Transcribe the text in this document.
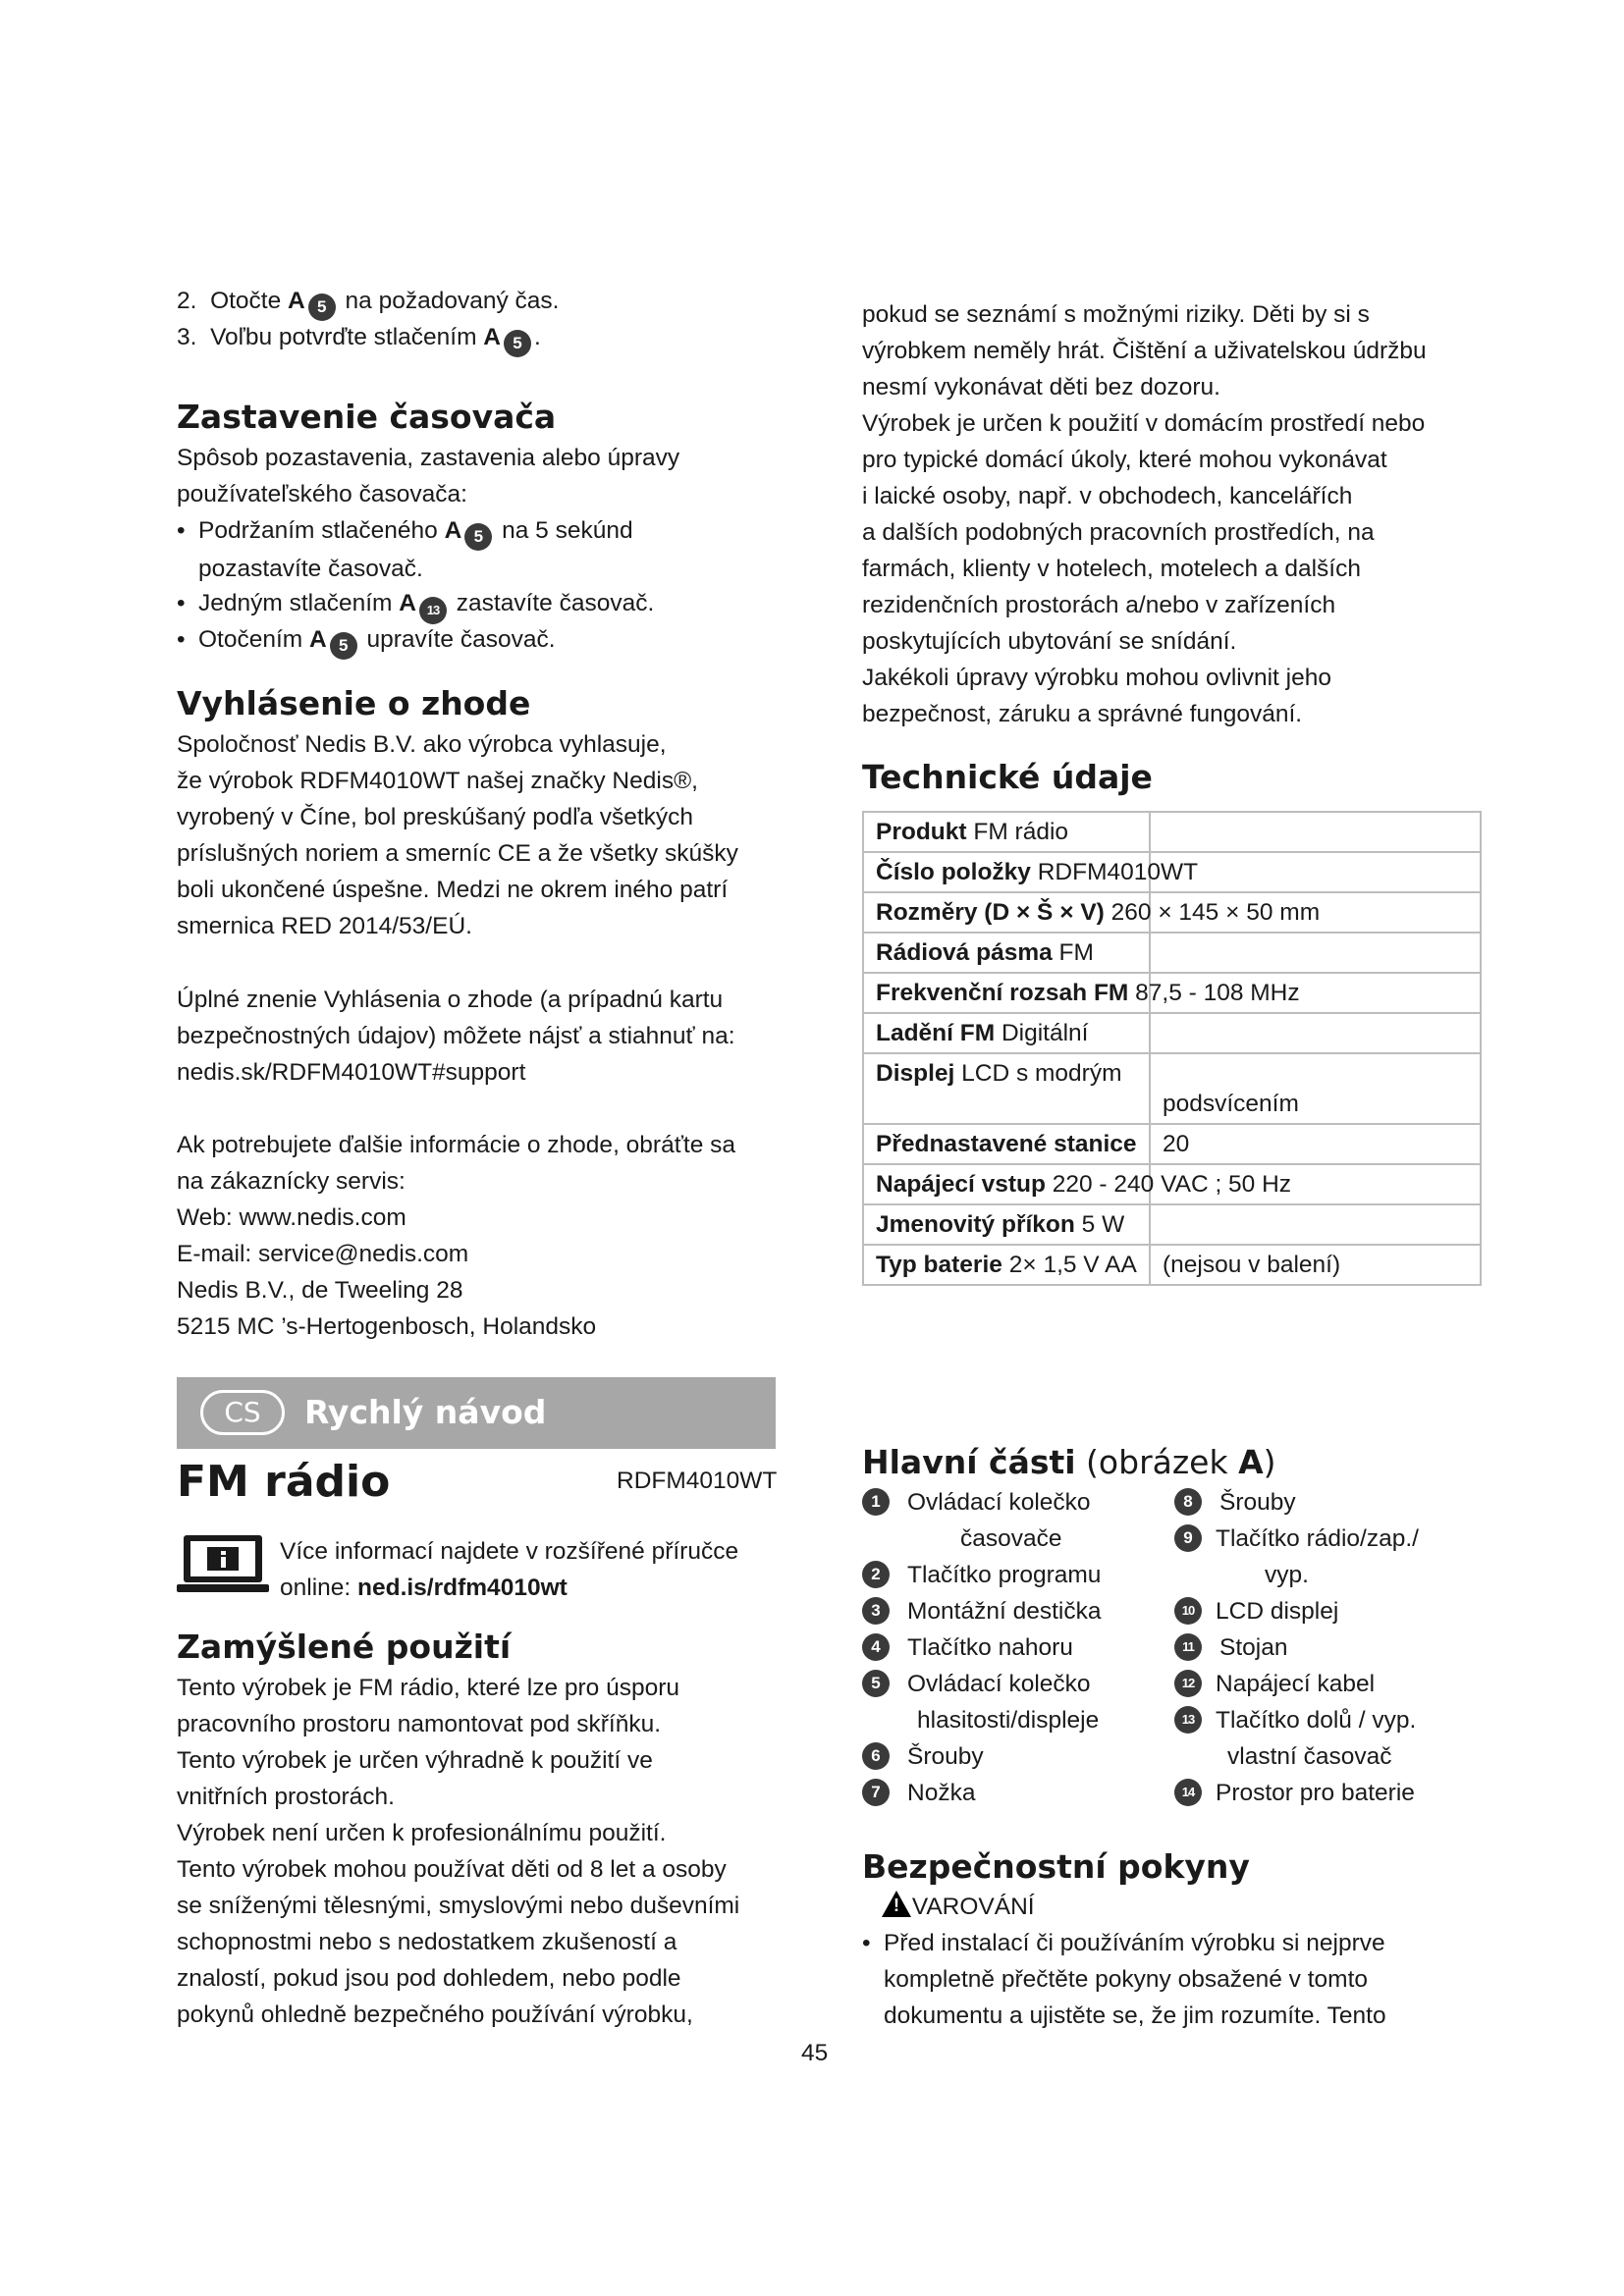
2. Otočte A 5 na požadovaný čas.

3. Voľbu potvrďte stlačením A 5 .

Zastavenie časovača

Spôsob pozastavenia, zastavenia alebo úpravy

používateľského časovača:

• Podržaním stlačeného A 5 na 5 sekúnd

pozastavíte časovač.

• Jedným stlačením A 13 zastavíte časovač.

• Otočením A 5 upravíte časovač.

Vyhlásenie o zhode

Spoločnosť Nedis B.V. ako výrobca vyhlasuje,

že výrobok RDFM4010WT našej značky Nedis®,

vyrobený v Číne, bol preskúšaný podľa všetkých

príslušných noriem a smerníc CE a že všetky skúšky

boli ukončené úspešne. Medzi ne okrem iného patrí

smernica RED 2014/53/EÚ.

Úplné znenie Vyhlásenia o zhode (a prípadnú kartu

bezpečnostných údajov) môžete nájsť a stiahnuť na:

nedis.sk/RDFM4010WT#support

Ak potrebujete ďalšie informácie o zhode, obráťte sa

na zákaznícky servis:

Web: www.nedis.com

E-mail: service@nedis.com

Nedis B.V., de Tweeling 28

5215 MC ’s-Hertogenbosch, Holandsko

CS	Rychlý návod
FM rádio	RDFM4010WT

Více informací najdete v rozšířené příručce

online: ned.is/rdfm4010wt

Zamýšlené použití

Tento výrobek je FM rádio, které lze pro úsporu

pracovního prostoru namontovat pod skříňku.

Tento výrobek je určen výhradně k použití ve

vnitřních prostorách.

Výrobek není určen k profesionálnímu použití.

Tento výrobek mohou používat děti od 8 let a osoby

se sníženými tělesnými, smyslovými nebo duševními

schopnostmi nebo s nedostatkem zkušeností a

znalostí, pokud jsou pod dohledem, nebo podle

pokynů ohledně bezpečného používání výrobku,

pokud se seznámí s možnými riziky. Děti by si s

výrobkem neměly hrát. Čištění a uživatelskou údržbu

nesmí vykonávat děti bez dozoru.

Výrobek je určen k použití v domácím prostředí nebo

pro typické domácí úkoly, které mohou vykonávat

i laické osoby, např. v obchodech, kancelářích

a dalších podobných pracovních prostředích, na

farmách, klienty v hotelech, motelech a dalších

rezidenčních prostorách a/nebo v zařízeních

poskytujících ubytování se snídání.

Jakékoli úpravy výrobku mohou ovlivnit jeho

bezpečnost, záruku a správné fungování.

Technické údaje
Produkt FM rádio	
Číslo položky RDFM4010WT	
Rozměry (D × Š × V) 260 × 145 × 50 mm	
Rádiová pásma FM	
Frekvenční rozsah FM 87,5 - 108 MHz	
Ladění FM Digitální	
Displej LCD s modrým	podsvícením
Přednastavené stanice	20
Napájecí vstup 220 - 240 VAC ; 50 Hz	
Jmenovitý příkon 5 W	
Typ baterie 2× 1,5 V AA	(nejsou v balení)
Hlavní části (obrázek A)
1	Ovládací kolečko
časovače
2	Tlačítko programu
3	Montážní destička
4	Tlačítko nahoru
5	Ovládací kolečko
hlasitosti/displeje
6	Šrouby
7	Nožka
8	Šrouby
9 Tlačítko rádio/zap./
vyp.
10 LCD displej
11	Stojan
12 Napájecí kabel
13 Tlačítko dolů / vyp.
vlastní časovač
14 Prostor pro baterie
Bezpečnostní pokyny

! VAROVÁNÍ

• Před instalací či používáním výrobku si nejprve

kompletně přečtěte pokyny obsažené v tomto

dokumentu a ujistěte se, že jim rozumíte. Tento

45
